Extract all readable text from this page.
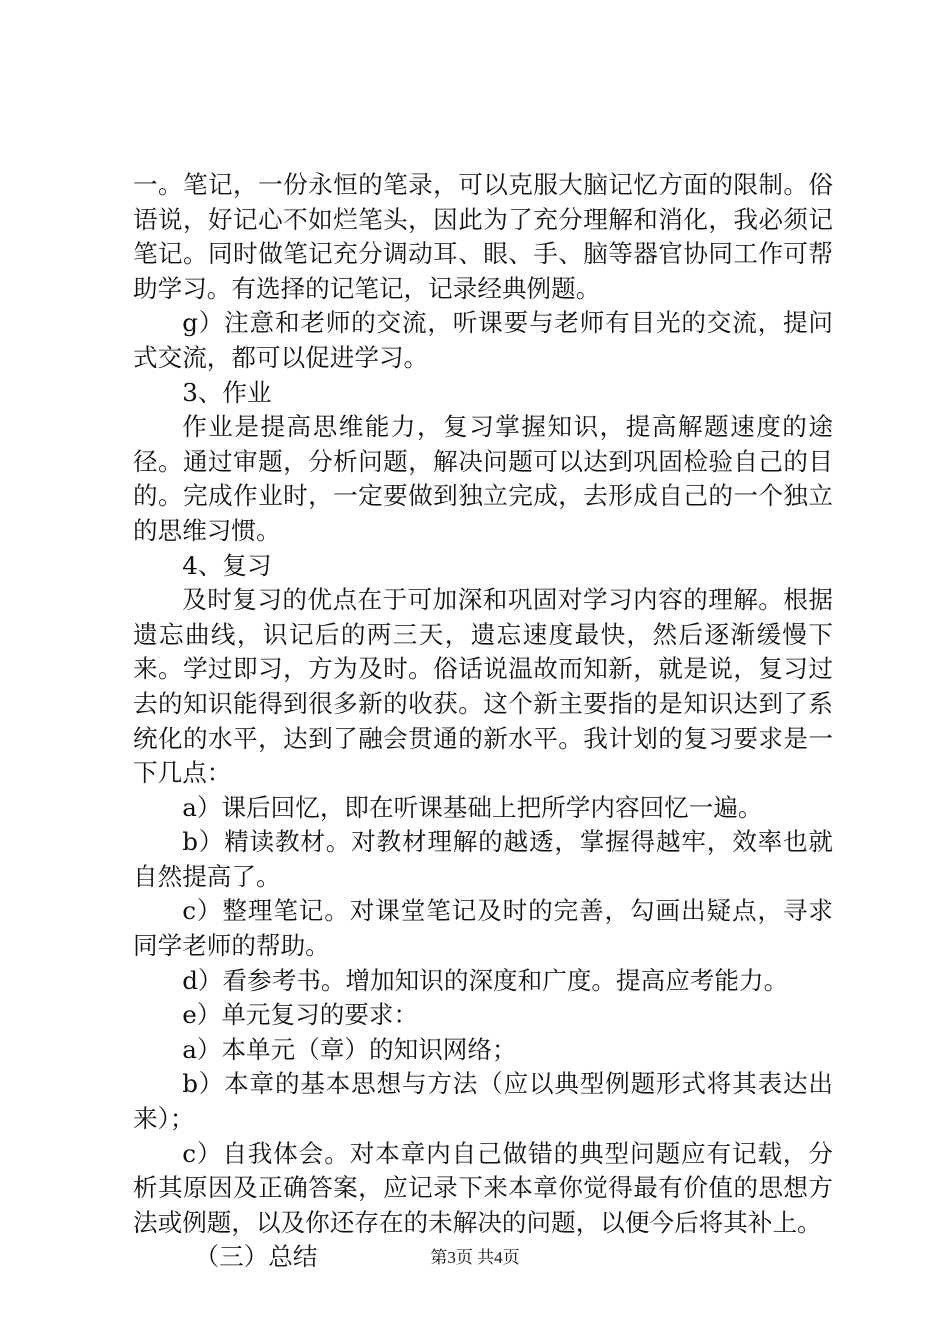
一。笔记，一份永恒的笔录，可以克服大脑记忆方面的限制。俗语说，好记心不如烂笔头，因此为了充分理解和消化，我必须记笔记。同时做笔记充分调动耳、眼、手、脑等器官协同工作可帮助学习。有选择的记笔记，记录经典例题。

g）注意和老师的交流，听课要与老师有目光的交流，提问式交流，都可以促进学习。

3、作业

作业是提高思维能力，复习掌握知识，提高解题速度的途径。通过审题，分析问题，解决问题可以达到巩固检验自己的目的。完成作业时，一定要做到独立完成，去形成自己的一个独立的思维习惯。

4、复习

及时复习的优点在于可加深和巩固对学习内容的理解。根据遗忘曲线，识记后的两三天，遗忘速度最快，然后逐渐缓慢下来。学过即习，方为及时。俗话说温故而知新，就是说，复习过去的知识能得到很多新的收获。这个新主要指的是知识达到了系统化的水平，达到了融会贯通的新水平。我计划的复习要求是一下几点：

a）课后回忆，即在听课基础上把所学内容回忆一遍。

b）精读教材。对教材理解的越透，掌握得越牢，效率也就自然提高了。

c）整理笔记。对课堂笔记及时的完善，勾画出疑点，寻求同学老师的帮助。

d）看参考书。增加知识的深度和广度。提高应考能力。

e）单元复习的要求：

a）本单元（章）的知识网络；

b）本章的基本思想与方法（应以典型例题形式将其表达出来）；

c）自我体会。对本章内自己做错的典型问题应有记载，分析其原因及正确答案，应记录下来本章你觉得最有价值的思想方法或例题，以及你还存在的未解决的问题，以便今后将其补上。

（三）总结	第3页 共4页
